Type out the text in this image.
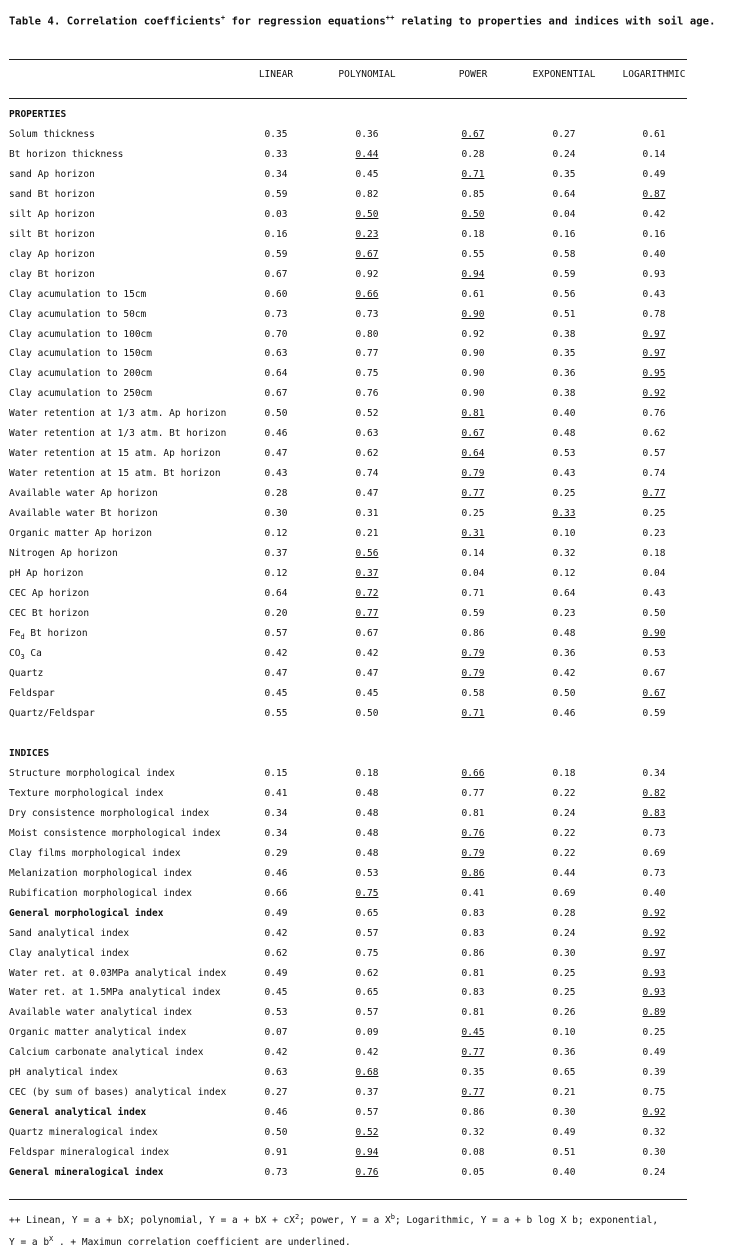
Table 4. Correlation coefficients+ for regression equations++ relating to properties and indices with soil age.
LINEAR	POLYNOMIAL	POWER	EXPONENTIAL	LOGARITHMIC
PROPERTIES
Solum thickness	0.35	0.36	0.67	0.27	0.61
Bt horizon thickness	0.33	0.44	0.28	0.24	0.14
sand Ap horizon	0.34	0.45	0.71	0.35	0.49
sand Bt horizon	0.59	0.82	0.85	0.64	0.87
silt Ap horizon	0.03	0.50	0.50	0.04	0.42
silt Bt horizon	0.16	0.23	0.18	0.16	0.16
clay Ap horizon	0.59	0.67	0.55	0.58	0.40
clay Bt horizon	0.67	0.92	0.94	0.59	0.93
Clay acumulation to 15cm	0.60	0.66	0.61	0.56	0.43
Clay acumulation to 50cm	0.73	0.73	0.90	0.51	0.78
Clay acumulation to 100cm	0.70	0.80	0.92	0.38	0.97
Clay acumulation to 150cm	0.63	0.77	0.90	0.35	0.97
Clay acumulation to 200cm	0.64	0.75	0.90	0.36	0.95
Clay acumulation to 250cm	0.67	0.76	0.90	0.38	0.92
Water retention at 1/3 atm. Ap horizon	0.50	0.52	0.81	0.40	0.76
Water retention at 1/3 atm. Bt horizon	0.46	0.63	0.67	0.48	0.62
Water retention at 15 atm. Ap horizon	0.47	0.62	0.64	0.53	0.57
Water retention at 15 atm. Bt horizon	0.43	0.74	0.79	0.43	0.74
Available water Ap horizon	0.28	0.47	0.77	0.25	0.77
Available water Bt horizon	0.30	0.31	0.25	0.33	0.25
Organic matter Ap horizon	0.12	0.21	0.31	0.10	0.23
Nitrogen Ap horizon	0.37	0.56	0.14	0.32	0.18
pH Ap horizon	0.12	0.37	0.04	0.12	0.04
CEC Ap horizon	0.64	0.72	0.71	0.64	0.43
CEC Bt horizon	0.20	0.77	0.59	0.23	0.50
$Fe_d$ Bt horizon	0.57	0.67	0.86	0.48	0.90
$CO_3$ Ca	0.42	0.42	0.79	0.36	0.53
Quartz	0.47	0.47	0.79	0.42	0.67
Feldspar	0.45	0.45	0.58	0.50	0.67
Quartz/Feldspar	0.55	0.50	0.71	0.46	0.59
INDICES
Structure morphological index	0.15	0.18	0.66	0.18	0.34
Texture morphological index	0.41	0.48	0.77	0.22	0.82
Dry consistence morphological index	0.34	0.48	0.81	0.24	0.83
Moist consistence morphological index	0.34	0.48	0.76	0.22	0.73
Clay films morphological index	0.29	0.48	0.79	0.22	0.69
Melanization morphological index	0.46	0.53	0.86	0.44	0.73
Rubification morphological index	0.66	0.75	0.41	0.69	0.40
General morphological index	0.49	0.65	0.83	0.28	0.92
Sand analytical index	0.42	0.57	0.83	0.24	0.92
Clay analytical index	0.62	0.75	0.86	0.30	0.97
Water ret. at 0.03MPa analytical index	0.49	0.62	0.81	0.25	0.93
Water ret. at 1.5MPa analytical index	0.45	0.65	0.83	0.25	0.93
Available water analytical index	0.53	0.57	0.81	0.26	0.89
Organic matter analytical index	0.07	0.09	0.45	0.10	0.25
Calcium carbonate analytical index	0.42	0.42	0.77	0.36	0.49
pH analytical index	0.63	0.68	0.35	0.65	0.39
CEC (by sum of bases) analytical index	0.27	0.37	0.77	0.21	0.75
General analytical index	0.46	0.57	0.86	0.30	0.92
Quartz mineralogical index	0.50	0.52	0.32	0.49	0.32
Feldspar mineralogical index	0.91	0.94	0.08	0.51	0.30
General mineralogical index	0.73	0.76	0.05	0.40	0.24
++ Linean, Y = a + bX; polynomial, Y = a + bX + $cX^2$; power, Y = a $X^b$; Logarithmic, Y = a + b log X b; exponential,
Y = a $b^X$ . + Maximun correlation coefficient are underlined.
